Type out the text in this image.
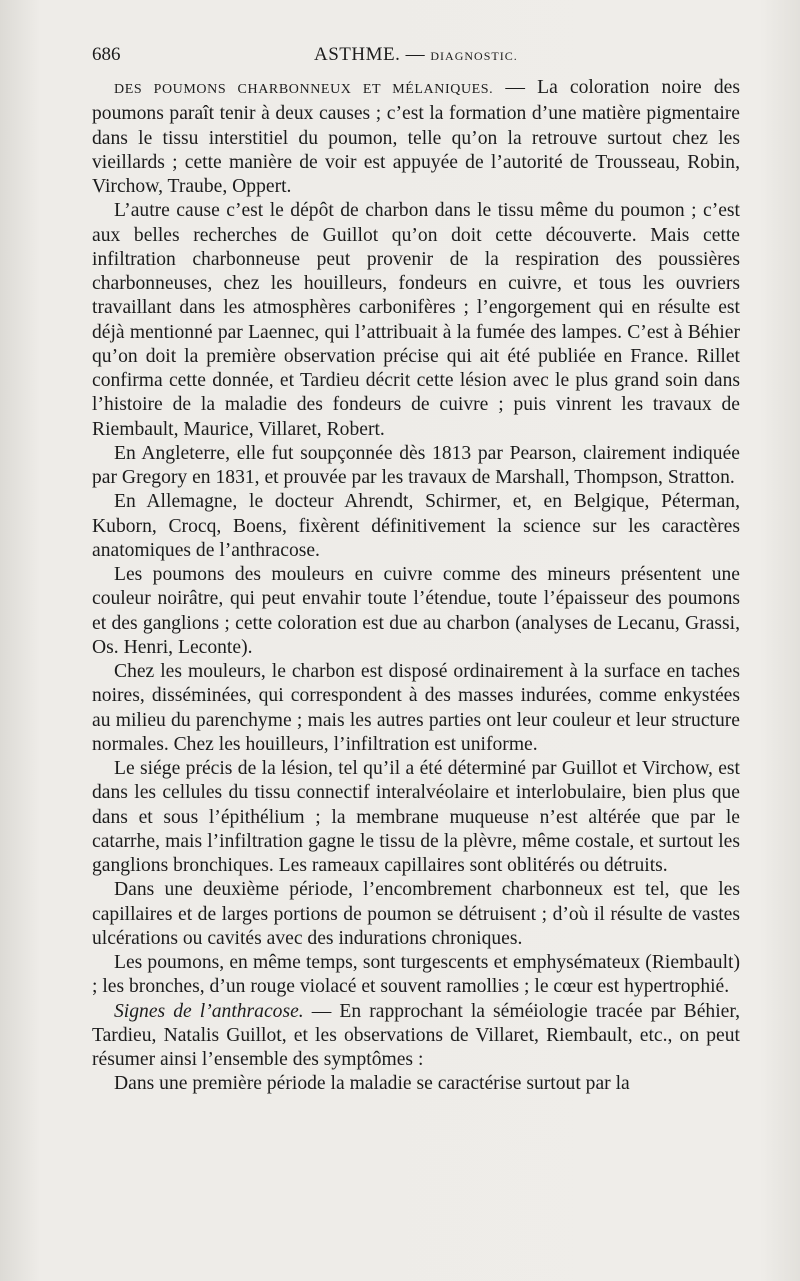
686	ASTHME. — DIAGNOSTIC.

DES POUMONS CHARBONNEUX ET MÉLANIQUES. — La coloration noire des poumons paraît tenir à deux causes ; c’est la formation d’une matière pigmentaire dans le tissu interstitiel du poumon, telle qu’on la retrouve surtout chez les vieillards ; cette manière de voir est appuyée de l’autorité de Trousseau, Robin, Virchow, Traube, Oppert.

L’autre cause c’est le dépôt de charbon dans le tissu même du poumon ; c’est aux belles recherches de Guillot qu’on doit cette découverte. Mais cette infiltration charbonneuse peut provenir de la respiration des poussières charbonneuses, chez les houilleurs, fondeurs en cuivre, et tous les ouvriers travaillant dans les atmosphères carbonifères ; l’engorgement qui en résulte est déjà mentionné par Laennec, qui l’attribuait à la fumée des lampes. C’est à Béhier qu’on doit la première observation précise qui ait été publiée en France. Rillet confirma cette donnée, et Tardieu décrit cette lésion avec le plus grand soin dans l’histoire de la maladie des fondeurs de cuivre ; puis vinrent les travaux de Riembault, Maurice, Villaret, Robert.

En Angleterre, elle fut soupçonnée dès 1813 par Pearson, clairement indiquée par Gregory en 1831, et prouvée par les travaux de Marshall, Thompson, Stratton.

En Allemagne, le docteur Ahrendt, Schirmer, et, en Belgique, Péterman, Kuborn, Crocq, Boens, fixèrent définitivement la science sur les caractères anatomiques de l’anthracose.

Les poumons des mouleurs en cuivre comme des mineurs présentent une couleur noirâtre, qui peut envahir toute l’étendue, toute l’épaisseur des poumons et des ganglions ; cette coloration est due au charbon (analyses de Lecanu, Grassi, Os. Henri, Leconte).

Chez les mouleurs, le charbon est disposé ordinairement à la surface en taches noires, disséminées, qui correspondent à des masses indurées, comme enkystées au milieu du parenchyme ; mais les autres parties ont leur couleur et leur structure normales. Chez les houilleurs, l’infiltration est uniforme.

Le siége précis de la lésion, tel qu’il a été déterminé par Guillot et Virchow, est dans les cellules du tissu connectif interalvéolaire et interlobulaire, bien plus que dans et sous l’épithélium ; la membrane muqueuse n’est altérée que par le catarrhe, mais l’infiltration gagne le tissu de la plèvre, même costale, et surtout les ganglions bronchiques. Les rameaux capillaires sont oblitérés ou détruits.

Dans une deuxième période, l’encombrement charbonneux est tel, que les capillaires et de larges portions de poumon se détruisent ; d’où il résulte de vastes ulcérations ou cavités avec des indurations chroniques.

Les poumons, en même temps, sont turgescents et emphysémateux (Riembault) ; les bronches, d’un rouge violacé et souvent ramollies ; le cœur est hypertrophié.

Signes de l’anthracose. — En rapprochant la séméiologie tracée par Béhier, Tardieu, Natalis Guillot, et les observations de Villaret, Riembault, etc., on peut résumer ainsi l’ensemble des symptômes :

Dans une première période la maladie se caractérise surtout par la
